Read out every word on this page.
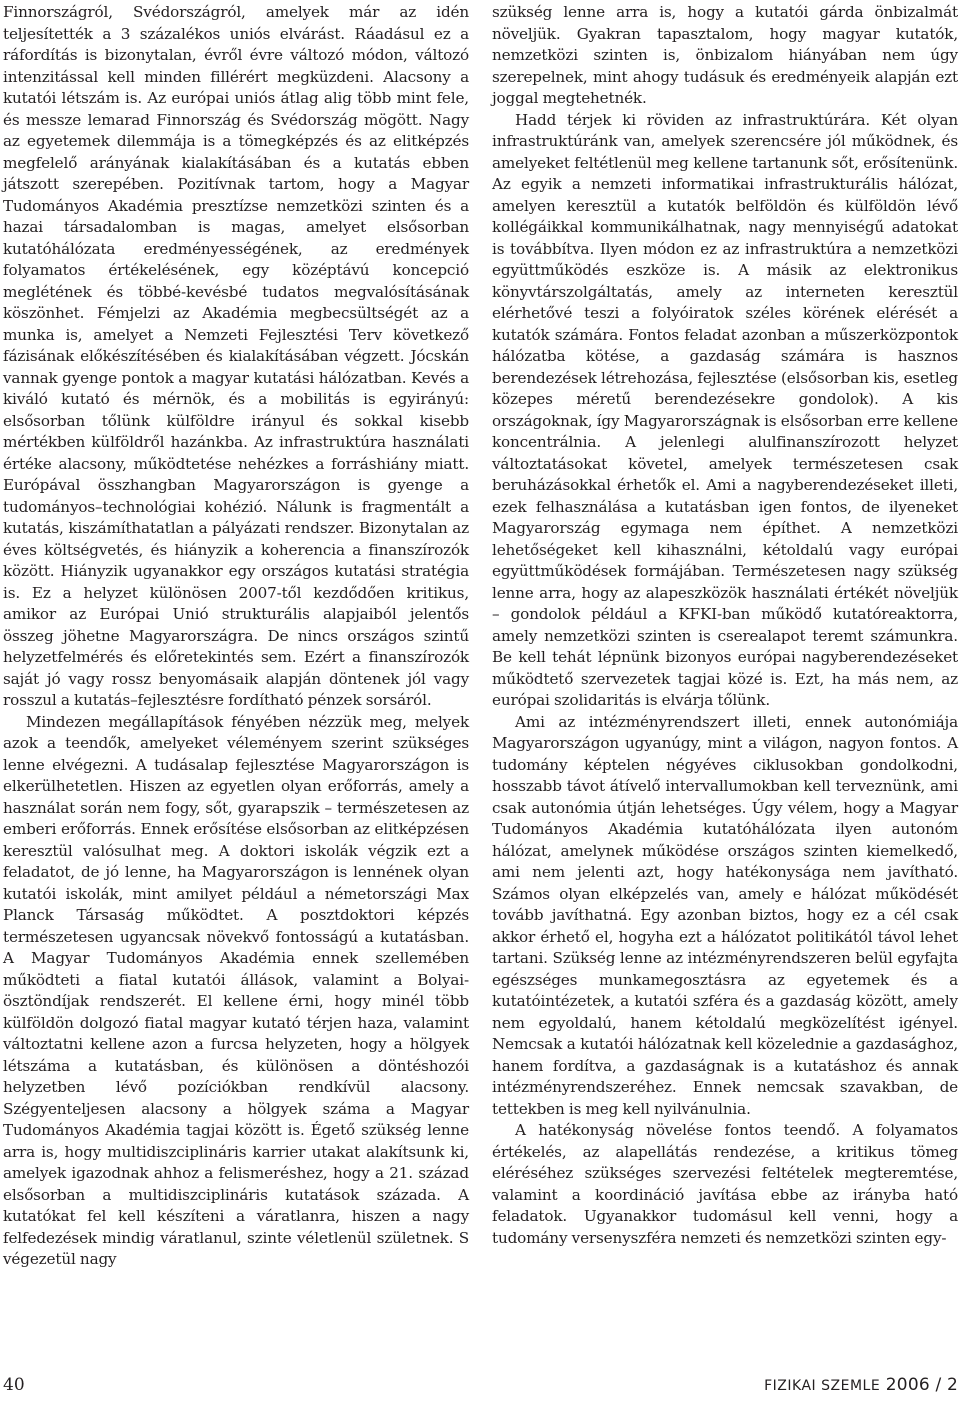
Finnországról, Svédországról, amelyek már az idén teljesítették a 3 százalékos uniós elvárást. Ráadásul ez a ráfordítás is bizonytalan, évről évre változó módon, változó intenzitással kell minden fillérért megküzdeni. Alacsony a kutatói létszám is. Az európai uniós átlag alig több mint fele, és messze lemarad Finnország és Svédország mögött. Nagy az egyetemek dilemmája is a tömegképzés és az elitképzés megfelelő arányának kialakításában és a kutatás ebben játszott szerepében. Pozitívnak tartom, hogy a Magyar Tudományos Akadémia presztízse nemzetközi szinten és a hazai társadalomban is magas, amelyet elsősorban kutatóhálózata eredményességének, az eredmények folyamatos értékelésének, egy középtávú koncepció meglétének és többé-kevésbé tudatos megvalósításának köszönhet. Fémjelzi az Akadémia megbecsültségét az a munka is, amelyet a Nemzeti Fejlesztési Terv következő fázisának előkészítésében és kialakításában végzett. Jócskán vannak gyenge pontok a magyar kutatási hálózatban. Kevés a kiváló kutató és mérnök, és a mobilitás is egyirányú: elsősorban tőlünk külföldre irányul és sokkal kisebb mértékben külföldről hazánkba. Az infrastruktúra használati értéke alacsony, működtetése nehézkes a forráshiány miatt. Európával összhangban Magyarországon is gyenge a tudományos–technológiai kohézió. Nálunk is fragmentált a kutatás, kiszámíthatatlan a pályázati rendszer. Bizonytalan az éves költségvetés, és hiányzik a koherencia a finanszírozók között. Hiányzik ugyanakkor egy országos kutatási stratégia is. Ez a helyzet különösen 2007-től kezdődően kritikus, amikor az Európai Unió strukturális alapjaiból jelentős összeg jöhetne Magyarországra. De nincs országos szintű helyzetfelmérés és előretekintés sem. Ezért a finanszírozók saját jó vagy rossz benyomásaik alapján döntenek jól vagy rosszul a kutatás–fejlesztésre fordítható pénzek sorsáról.

Mindezen megállapítások fényében nézzük meg, melyek azok a teendők, amelyeket véleményem szerint szükséges lenne elvégezni. A tudásalap fejlesztése Magyarországon is elkerülhetetlen. Hiszen az egyetlen olyan erőforrás, amely a használat során nem fogy, sőt, gyarapszik – természetesen az emberi erőforrás. Ennek erősítése elsősorban az elitképzésen keresztül valósulhat meg. A doktori iskolák végzik ezt a feladatot, de jó lenne, ha Magyarországon is lennének olyan kutatói iskolák, mint amilyet például a németországi Max Planck Társaság működtet. A posztdoktori képzés természetesen ugyancsak növekvő fontosságú a kutatásban. A Magyar Tudományos Akadémia ennek szellemében működteti a fiatal kutatói állások, valamint a Bolyai-ösztöndíjak rendszerét. El kellene érni, hogy minél több külföldön dolgozó fiatal magyar kutató térjen haza, valamint változtatni kellene azon a furcsa helyzeten, hogy a hölgyek létszáma a kutatásban, és különösen a döntéshozói helyzetben lévő pozíciókban rendkívül alacsony. Szégyenteljesen alacsony a hölgyek száma a Magyar Tudományos Akadémia tagjai között is. Égető szükség lenne arra is, hogy multidiszciplináris karrier utakat alakítsunk ki, amelyek igazodnak ahhoz a felismeréshez, hogy a 21. század elsősorban a multidiszciplináris kutatások százada. A kutatókat fel kell készíteni a váratlanra, hiszen a nagy felfedezések mindig váratlanul, szinte véletlenül születnek. S végezetül nagy

szükség lenne arra is, hogy a kutatói gárda önbizalmát növeljük. Gyakran tapasztalom, hogy magyar kutatók, nemzetközi szinten is, önbizalom hiányában nem úgy szerepelnek, mint ahogy tudásuk és eredményeik alapján ezt joggal megtehetnék.

Hadd térjek ki röviden az infrastruktúrára. Két olyan infrastruktúránk van, amelyek szerencsére jól működnek, és amelyeket feltétlenül meg kellene tartanunk sőt, erősítenünk. Az egyik a nemzeti informatikai infrastrukturális hálózat, amelyen keresztül a kutatók belföldön és külföldön lévő kollégáikkal kommunikálhatnak, nagy mennyiségű adatokat is továbbítva. Ilyen módon ez az infrastruktúra a nemzetközi együttműködés eszköze is. A másik az elektronikus könyvtárszolgáltatás, amely az interneten keresztül elérhetővé teszi a folyóiratok széles körének elérését a kutatók számára. Fontos feladat azonban a műszerközpontok hálózatba kötése, a gazdaság számára is hasznos berendezések létrehozása, fejlesztése (elsősorban kis, esetleg közepes méretű berendezésekre gondolok). A kis országoknak, így Magyarországnak is elsősorban erre kellene koncentrálnia. A jelenlegi alulfinanszírozott helyzet változtatásokat követel, amelyek természetesen csak beruházásokkal érhetők el. Ami a nagyberendezéseket illeti, ezek felhasználása a kutatásban igen fontos, de ilyeneket Magyarország egymaga nem építhet. A nemzetközi lehetőségeket kell kihasználni, kétoldalú vagy európai együttműködések formájában. Természetesen nagy szükség lenne arra, hogy az alapeszközök használati értékét növeljük – gondolok például a KFKI-ban működő kutatóreaktorra, amely nemzetközi szinten is cserealapot teremt számunkra. Be kell tehát lépnünk bizonyos európai nagyberendezéseket működtető szervezetek tagjai közé is. Ezt, ha más nem, az európai szolidaritás is elvárja tőlünk.

Ami az intézményrendszert illeti, ennek autonómiája Magyarországon ugyanúgy, mint a világon, nagyon fontos. A tudomány képtelen négyéves ciklusokban gondolkodni, hosszabb távot átívelő intervallumokban kell terveznünk, ami csak autonómia útján lehetséges. Úgy vélem, hogy a Magyar Tudományos Akadémia kutatóhálózata ilyen autonóm hálózat, amelynek működése országos szinten kiemelkedő, ami nem jelenti azt, hogy hatékonysága nem javítható. Számos olyan elképzelés van, amely e hálózat működését tovább javíthatná. Egy azonban biztos, hogy ez a cél csak akkor érhető el, hogyha ezt a hálózatot politikától távol lehet tartani. Szükség lenne az intézményrendszeren belül egyfajta egészséges munkamegosztásra az egyetemek és a kutatóintézetek, a kutatói szféra és a gazdaság között, amely nem egyoldalú, hanem kétoldalú megközelítést igényel. Nemcsak a kutatói hálózatnak kell közelednie a gazdasághoz, hanem fordítva, a gazdaságnak is a kutatáshoz és annak intézményrendszeréhez. Ennek nemcsak szavakban, de tettekben is meg kell nyilvánulnia.

A hatékonyság növelése fontos teendő. A folyamatos értékelés, az alapellátás rendezése, a kritikus tömeg eléréséhez szükséges szervezési feltételek megteremtése, valamint a koordináció javítása ebbe az irányba ható feladatok. Ugyanakkor tudomásul kell venni, hogy a tudomány versenyszféra nemzeti és nemzetközi szinten egy-

40	FIZIKAI SZEMLE 2006 / 2
